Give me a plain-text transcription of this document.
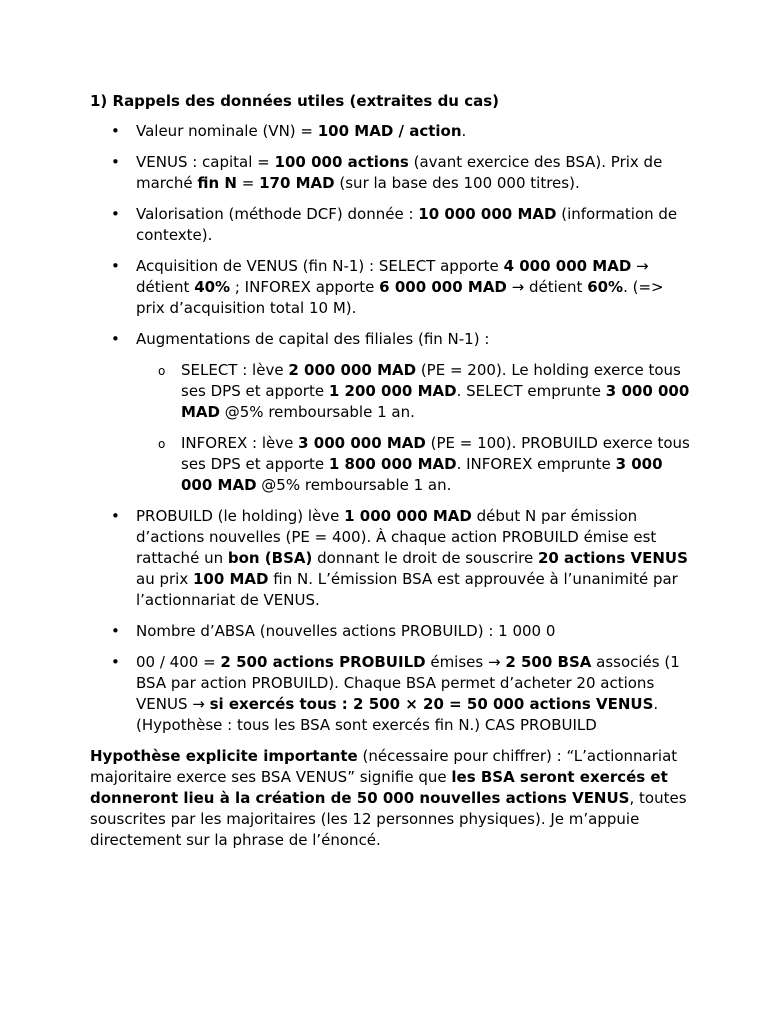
1) Rappels des données utiles (extraites du cas)
• Valeur nominale (VN) = 100 MAD / action.
• VENUS : capital = 100 000 actions (avant exercice des BSA). Prix de marché fin N = 170 MAD (sur la base des 100 000 titres).
• Valorisation (méthode DCF) donnée : 10 000 000 MAD (information de contexte).
• Acquisition de VENUS (fin N-1) : SELECT apporte 4 000 000 MAD → détient 40% ; INFOREX apporte 6 000 000 MAD → détient 60%. (=> prix d’acquisition total 10 M).
• Augmentations de capital des filiales (fin N-1) :
o SELECT : lève 2 000 000 MAD (PE = 200). Le holding exerce tous ses DPS et apporte 1 200 000 MAD. SELECT emprunte 3 000 000 MAD @5% remboursable 1 an.
o INFOREX : lève 3 000 000 MAD (PE = 100). PROBUILD exerce tous ses DPS et apporte 1 800 000 MAD. INFOREX emprunte 3 000 000 MAD @5% remboursable 1 an.
• PROBUILD (le holding) lève 1 000 000 MAD début N par émission d’actions nouvelles (PE = 400). À chaque action PROBUILD émise est rattaché un bon (BSA) donnant le droit de souscrire 20 actions VENUS au prix 100 MAD fin N. L’émission BSA est approuvée à l’unanimité par l’actionnariat de VENUS.
• Nombre d’ABSA (nouvelles actions PROBUILD) : 1 000 0
• 00 / 400 = 2 500 actions PROBUILD émises → 2 500 BSA associés (1 BSA par action PROBUILD). Chaque BSA permet d’acheter 20 actions VENUS → si exercés tous : 2 500 × 20 = 50 000 actions VENUS. (Hypothèse : tous les BSA sont exercés fin N.) CAS PROBUILD

Hypothèse explicite importante (nécessaire pour chiffrer) : “L’actionnariat majoritaire exerce ses BSA VENUS” signifie que les BSA seront exercés et donneront lieu à la création de 50 000 nouvelles actions VENUS, toutes souscrites par les majoritaires (les 12 personnes physiques). Je m’appuie directement sur la phrase de l’énoncé.
